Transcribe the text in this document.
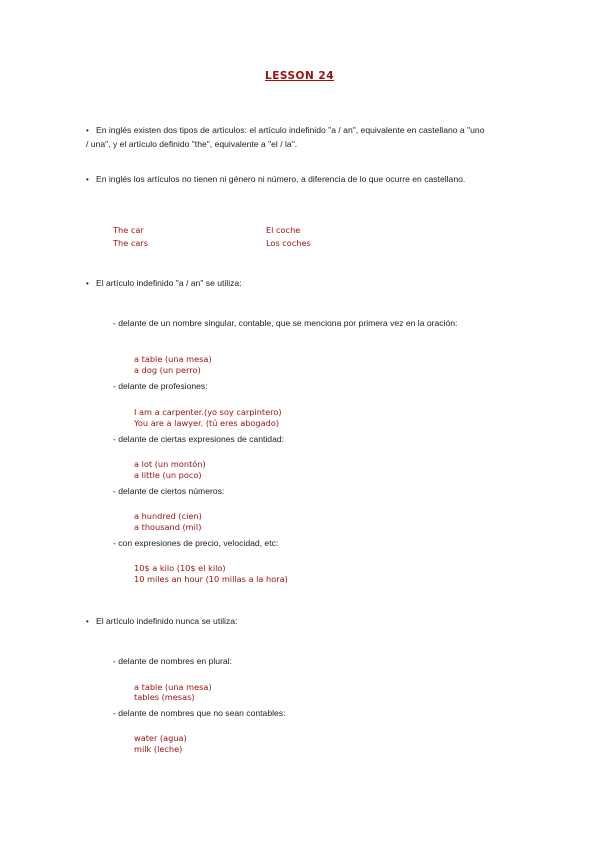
LESSON 24
• En inglés existen dos tipos de artículos: el artículo indefinido "a / an", equivalente en castellano a "uno / una", y el artículo definido "the", equivalente a "el / la".
• En inglés los artículos no tienen ni género ni número, a diferencia de lo que ocurre en castellano.
The car	El coche
The cars	Los coches
• El artículo indefinido "a / an" se utiliza:
- delante de un nombre singular, contable, que se menciona por primera vez en la oración:
a table (una mesa)
a dog (un perro)
- delante de profesiones:
I am a carpenter.(yo soy carpintero)
You are a lawyer. (tú eres abogado)
- delante de ciertas expresiones de cantidad:
a lot (un montón)
a little (un poco)
- delante de ciertos números:
a hundred (cien)
a thousand (mil)
- con expresiones de precio, velocidad, etc:
10$ a kilo (10$ el kilo)
10 miles an hour (10 millas a la hora)
• El artículo indefinido nunca se utiliza:
- delante de nombres en plural:
a table (una mesa)
tables (mesas)
- delante de nombres que no sean contables:
water (agua)
milk (leche)
